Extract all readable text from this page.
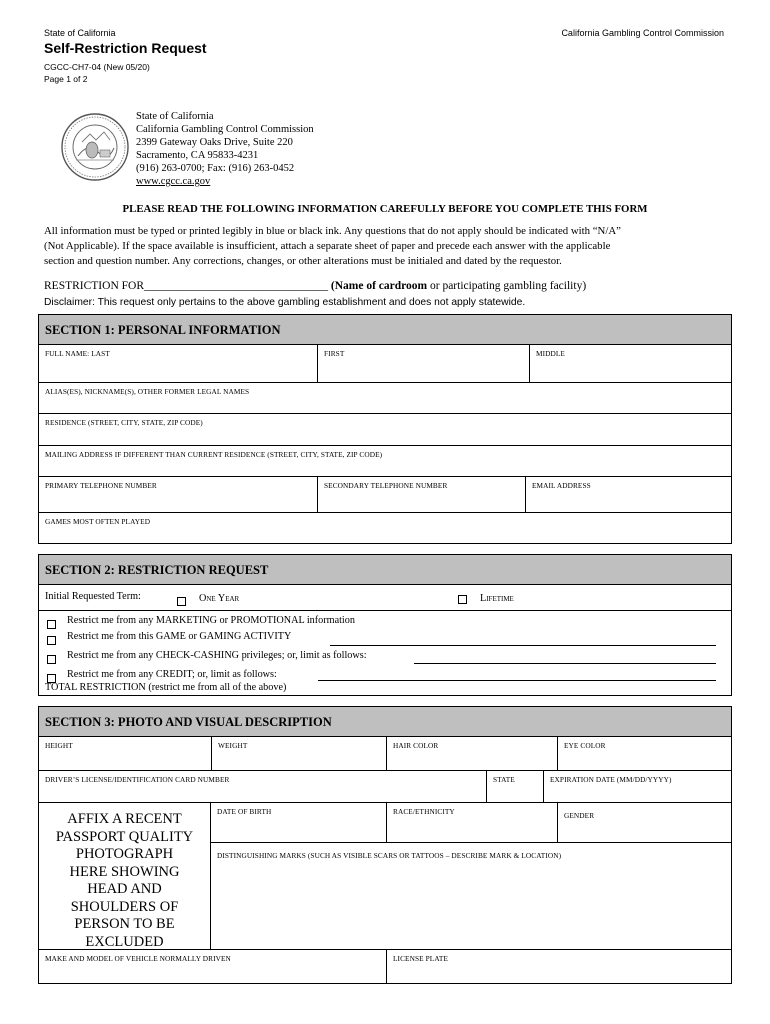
State of California	California Gambling Control Commission
Self-Restriction Request
CGCC-CH7-04 (New 05/20)
Page 1 of 2
State of California
California Gambling Control Commission
2399 Gateway Oaks Drive, Suite 220
Sacramento, CA 95833-4231
(916) 263-0700; Fax: (916) 263-0452
www.cgcc.ca.gov
PLEASE READ THE FOLLOWING INFORMATION CAREFULLY BEFORE YOU COMPLETE THIS FORM
All information must be typed or printed legibly in blue or black ink. Any questions that do not apply should be indicated with “N/A”
(Not Applicable). If the space available is insufficient, attach a separate sheet of paper and precede each answer with the applicable
section and question number. Any corrections, changes, or other alterations must be initialed and dated by the requestor.
RESTRICTION FOR________________________________ (Name of cardroom or participating gambling facility)
Disclaimer: This request only pertains to the above gambling establishment and does not apply statewide.
SECTION 1: PERSONAL INFORMATION
FULL NAME: LAST	FIRST	MIDDLE
ALIAS(ES), NICKNAME(S), OTHER FORMER LEGAL NAMES
RESIDENCE (STREET, CITY, STATE, ZIP CODE)
MAILING ADDRESS IF DIFFERENT THAN CURRENT RESIDENCE (STREET, CITY, STATE, ZIP CODE)
PRIMARY TELEPHONE NUMBER	SECONDARY TELEPHONE NUMBER	EMAIL ADDRESS
GAMES MOST OFTEN PLAYED
SECTION 2: RESTRICTION REQUEST
Initial Requested Term:	One Year	Lifetime
Restrict me from any MARKETING or PROMOTIONAL information
Restrict me from this GAME or GAMING ACTIVITY
Restrict me from any CHECK-CASHING privileges; or, limit as follows:
Restrict me from any CREDIT; or, limit as follows:
TOTAL RESTRICTION (restrict me from all of the above)
SECTION 3: PHOTO AND VISUAL DESCRIPTION
HEIGHT	WEIGHT	HAIR COLOR	EYE COLOR
DRIVER’S LICENSE/IDENTIFICATION CARD NUMBER	STATE	EXPIRATION DATE (MM/DD/YYYY)
AFFIX A RECENT
PASSPORT QUALITY
PHOTOGRAPH
HERE SHOWING
HEAD AND
SHOULDERS OF
PERSON TO BE
EXCLUDED
DATE OF BIRTH	RACE/ETHNICITY	GENDER
DISTINGUISHING MARKS (SUCH AS VISIBLE SCARS OR TATTOOS – DESCRIBE MARK & LOCATION)
MAKE AND MODEL OF VEHICLE NORMALLY DRIVEN	LICENSE PLATE
